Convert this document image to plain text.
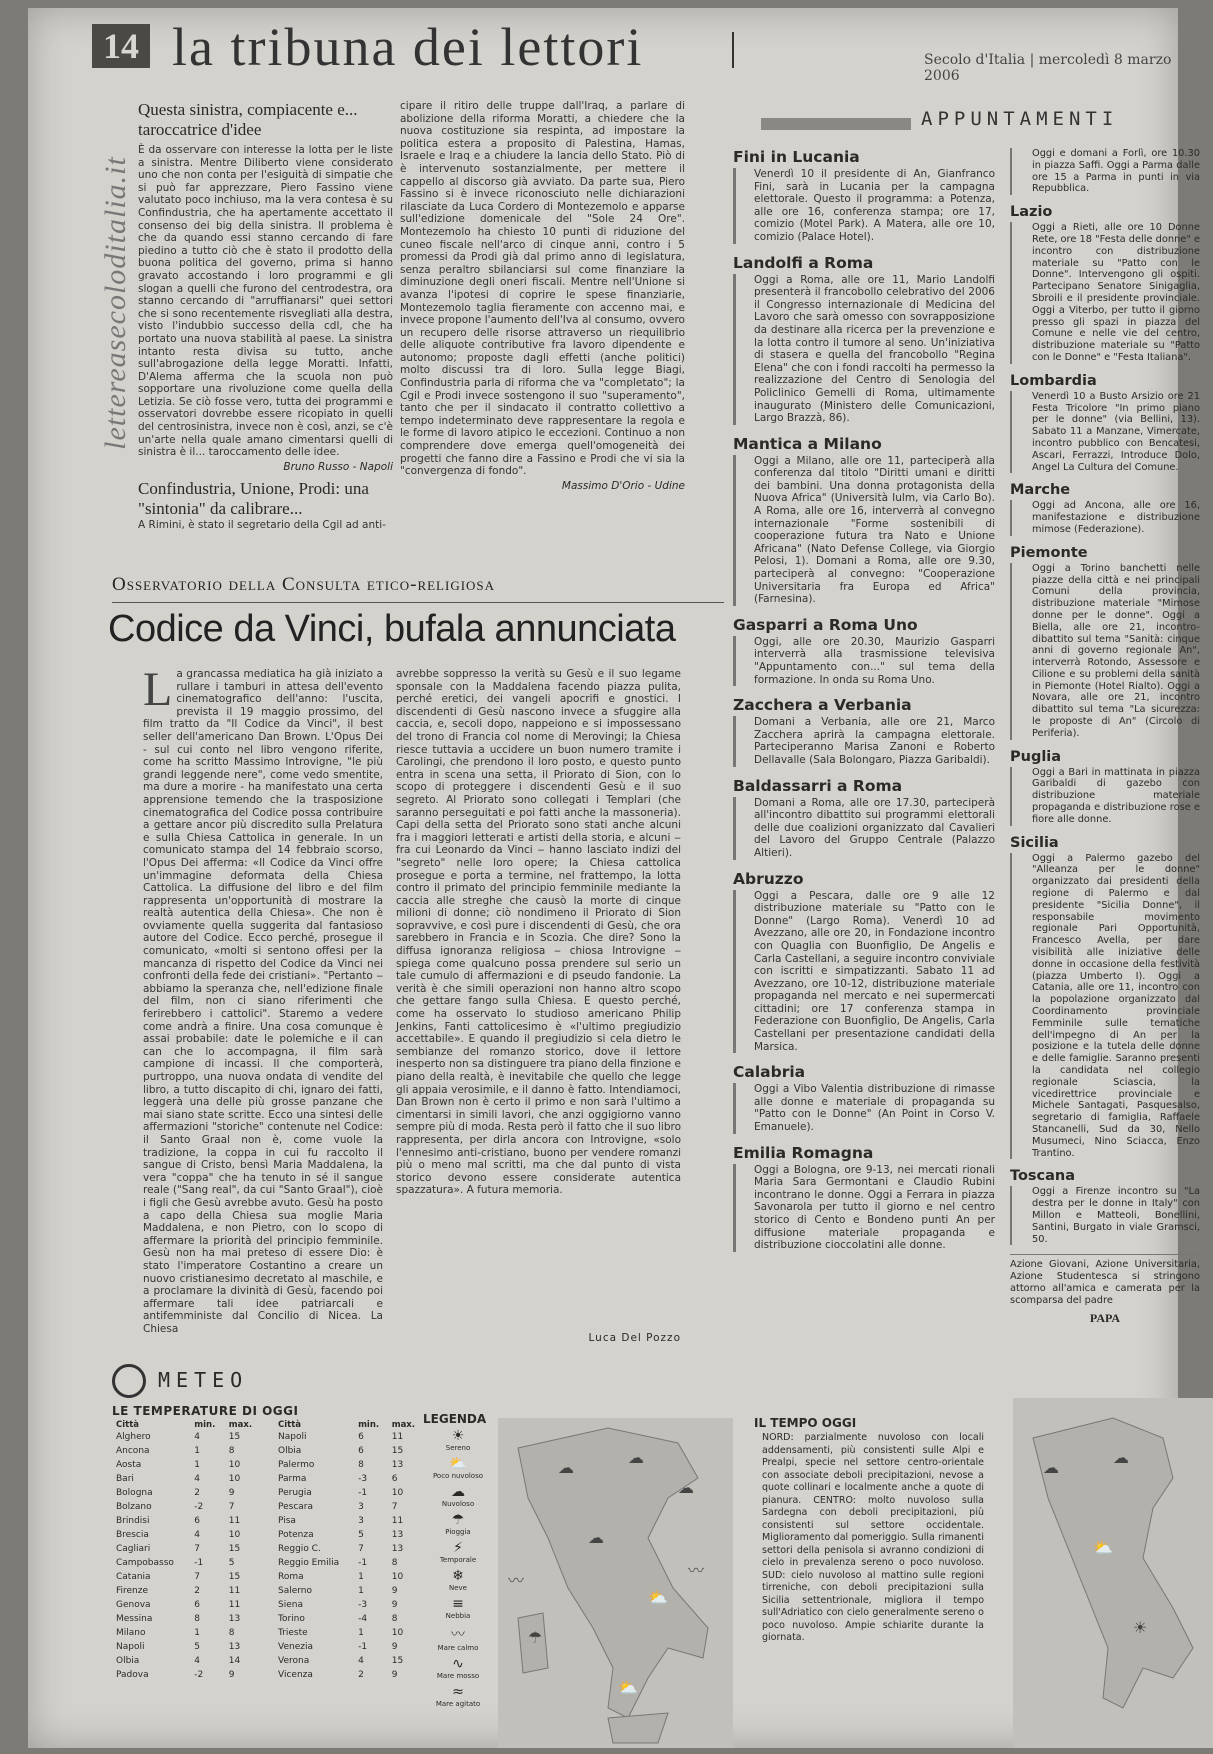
14 la tribuna dei lettori	Secolo d'Italia | mercoledì 8 marzo 2006
lettereasecoloditalia.it
Questa sinistra, compiacente e... taroccatrice d'idee

È da osservare con interesse la lotta per le liste a sinistra. Mentre Diliberto viene considerato uno che non conta per l'esiguità di simpatie che si può far apprezzare, Piero Fassino viene valutato poco inchiuso, ma la vera contesa è su Confindustria, che ha apertamente accettato il consenso dei big della sinistra. Il problema è che da quando essi stanno cercando di fare piedino a tutto ciò che è stato il prodotto della buona politica del governo, prima si hanno gravato accostando i loro programmi e gli slogan a quelli che furono del centrodestra, ora stanno cercando di "arruffianarsi" quei settori che si sono recentemente risvegliati alla destra, visto l'indubbio successo della cdl, che ha portato una nuova stabilità al paese. La sinistra intanto resta divisa su tutto, anche sull'abrogazione della legge Moratti. Infatti, D'Alema afferma che la scuola non può sopportare una rivoluzione come quella della Letizia. Se ciò fosse vero, tutta dei programmi e osservatori dovrebbe essere ricopiato in quelli del centrosinistra, invece non è così, anzi, se c'è un'arte nella quale amano cimentarsi quelli di sinistra è il... taroccamento delle idee.

Bruno Russo - Napoli

Confindustria, Unione, Prodi: una "sintonia" da calibrare...

A Rimini, è stato il segretario della Cgil ad anti-

cipare il ritiro delle truppe dall'Iraq, a parlare di abolizione della riforma Moratti, a chiedere che la nuova costituzione sia respinta, ad impostare la politica estera a proposito di Palestina, Hamas, Israele e Iraq e a chiudere la lancia dello Stato. Piò di è intervenuto sostanzialmente, per mettere il cappello al discorso già avviato. Da parte sua, Piero Fassino si è invece riconosciuto nelle dichiarazioni rilasciate da Luca Cordero di Montezemolo e apparse sull'edizione domenicale del "Sole 24 Ore". Montezemolo ha chiesto 10 punti di riduzione del cuneo fiscale nell'arco di cinque anni, contro i 5 promessi da Prodi già dal primo anno di legislatura, senza peraltro sbilanciarsi sul come finanziare la diminuzione degli oneri fiscali. Mentre nell'Unione si avanza l'ipotesi di coprire le spese finanziarie, Montezemolo taglia fieramente con accenno mai, e invece propone l'aumento dell'Iva al consumo, ovvero un recupero delle risorse attraverso un riequilibrio delle aliquote contributive fra lavoro dipendente e autonomo; proposte dagli effetti (anche politici) molto discussi tra di loro. Sulla legge Biagi, Confindustria parla di riforma che va "completato"; la Cgil e Prodi invece sostengono il suo "superamento", tanto che per il sindacato il contratto collettivo a tempo indeterminato deve rappresentare la regola e le forme di lavoro atipico le eccezioni. Continuo a non comprendere dove emerga quell'omogeneità dei progetti che fanno dire a Fassino e Prodi che vi sia la "convergenza di fondo".

Massimo D'Orio - Udine

Osservatorio della Consulta etico-religiosa
Codice da Vinci, bufala annunciata
L a grancassa mediatica ha già iniziato a rullare i tamburi in attesa dell'evento cinematografico dell'anno: l'uscita, prevista il 19 maggio prossimo, del film tratto da "Il Codice da Vinci", il best seller dell'americano Dan Brown. L'Opus Dei - sul cui conto nel libro vengono riferite, come ha scritto Massimo Introvigne, "le più grandi leggende nere", come vedo smentite, ma dure a morire - ha manifestato una certa apprensione temendo che la trasposizione cinematografica del Codice possa contribuire a gettare ancor più discredito sulla Prelatura e sulla Chiesa Cattolica in generale. In un comunicato stampa del 14 febbraio scorso, l'Opus Dei afferma: «Il Codice da Vinci offre un'immagine deformata della Chiesa Cattolica. La diffusione del libro e del film rappresenta un'opportunità di mostrare la realtà autentica della Chiesa». Che non è ovviamente quella suggerita dal fantasioso autore del Codice. Ecco perché, prosegue il comunicato, «molti si sentono offesi per la mancanza di rispetto del Codice da Vinci nei confronti della fede dei cristiani». "Pertanto ‒ abbiamo la speranza che, nell'edizione finale del film, non ci siano riferimenti che ferirebbero i cattolici". Staremo a vedere come andrà a finire. Una cosa comunque è assai probabile: date le polemiche e il can can che lo accompagna, il film sarà campione di incassi. Il che comporterà, purtroppo, una nuova ondata di vendite del libro, a tutto discapito di chi, ignaro dei fatti, leggerà una delle più grosse panzane che mai siano state scritte. Ecco una sintesi delle affermazioni "storiche" contenute nel Codice: il Santo Graal non è, come vuole la tradizione, la coppa in cui fu raccolto il sangue di Cristo, bensì Maria Maddalena, la vera "coppa" che ha tenuto in sé il sangue reale ("Sang real", da cui "Santo Graal"), cioè i figli che Gesù avrebbe avuto. Gesù ha posto a capo della Chiesa sua moglie Maria Maddalena, e non Pietro, con lo scopo di affermare la priorità del principio femminile. Gesù non ha mai preteso di essere Dio: è stato l'imperatore Costantino a creare un nuovo cristianesimo decretato al maschile, e a proclamare la divinità di Gesù, facendo poi affermare tali idee patriarcali e antifemministe dal Concilio di Nicea. La Chiesa

avrebbe soppresso la verità su Gesù e il suo legame sponsale con la Maddalena facendo piazza pulita, perché eretici, dei vangeli apocrifi e gnostici. I discendenti di Gesù nascono invece a sfuggire alla caccia, e, secoli dopo, nappeiono e si impossessano del trono di Francia col nome di Merovingi; la Chiesa riesce tuttavia a uccidere un buon numero tramite i Carolingi, che prendono il loro posto, e questo punto entra in scena una setta, il Priorato di Sion, con lo scopo di proteggere i discendenti Gesù e il suo segreto. Al Priorato sono collegati i Templari (che saranno perseguitati e poi fatti anche la massoneria). Capi della setta del Priorato sono stati anche alcuni fra i maggiori letterati e artisti della storia, e alcuni ‒ fra cui Leonardo da Vinci ‒ hanno lasciato indizi del "segreto" nelle loro opere; la Chiesa cattolica prosegue e porta a termine, nel frattempo, la lotta contro il primato del principio femminile mediante la caccia alle streghe che causò la morte di cinque milioni di donne; ciò nondimeno il Priorato di Sion sopravvive, e così pure i discendenti di Gesù, che ora sarebbero in Francia e in Scozia. Che dire? Sono la diffusa ignoranza religiosa ‒ chiosa Introvigne ‒ spiega come qualcuno possa prendere sul serio un tale cumulo di affermazioni e di pseudo fandonie. La verità è che simili operazioni non hanno altro scopo che gettare fango sulla Chiesa. E questo perché, come ha osservato lo studioso americano Philip Jenkins, Fanti cattolicesimo è «l'ultimo pregiudizio accettabile». E quando il pregiudizio si cela dietro le sembianze del romanzo storico, dove il lettore inesperto non sa distinguere tra piano della finzione e piano della realtà, è inevitabile che quello che legge gli appaia verosimile, e il danno è fatto. Intendiamoci, Dan Brown non è certo il primo e non sarà l'ultimo a cimentarsi in simili lavori, che anzi oggigiorno vanno sempre più di moda. Resta però il fatto che il suo libro rappresenta, per dirla ancora con Introvigne, «solo l'ennesimo anti-cristiano, buono per vendere romanzi più o meno mal scritti, ma che dal punto di vista storico devono essere considerate autentica spazzatura». A futura memoria.

Luca Del Pozzo
APPUNTAMENTI
Fini in Lucania
Venerdì 10 il presidente di An, Gianfranco Fini, sarà in Lucania per la campagna elettorale. Questo il programma: a Potenza, alle ore 16, conferenza stampa; ore 17, comizio (Motel Park). A Matera, alle ore 10, comizio (Palace Hotel).
Landolfi a Roma
Oggi a Roma, alle ore 11, Mario Landolfi presenterà il francobollo celebrativo del 2006 il Congresso internazionale di Medicina del Lavoro che sarà omesso con sovrapposizione da destinare alla ricerca per la prevenzione e la lotta contro il tumore al seno. Un'iniziativa di stasera e quella del francobollo "Regina Elena" che con i fondi raccolti ha permesso la realizzazione del Centro di Senologia del Policlinico Gemelli di Roma, ultimamente inaugurato (Ministero delle Comunicazioni, Largo Brazzà, 86).
Mantica a Milano
Oggi a Milano, alle ore 11, parteciperà alla conferenza dal titolo "Diritti umani e diritti dei bambini. Una donna protagonista della Nuova Africa" (Università Iulm, via Carlo Bo). A Roma, alle ore 16, interverrà al convegno internazionale "Forme sostenibili di cooperazione futura tra Nato e Unione Africana" (Nato Defense College, via Giorgio Pelosi, 1). Domani a Roma, alle ore 9.30, parteciperà al convegno: "Cooperazione Universitaria fra Europa ed Africa" (Farnesina).
Gasparri a Roma Uno
Oggi, alle ore 20.30, Maurizio Gasparri interverrà alla trasmissione televisiva "Appuntamento con..." sul tema della formazione. In onda su Roma Uno.
Zacchera a Verbania
Domani a Verbania, alle ore 21, Marco Zacchera aprirà la campagna elettorale. Parteciperanno Marisa Zanoni e Roberto Dellavalle (Sala Bolongaro, Piazza Garibaldi).
Baldassarri a Roma
Domani a Roma, alle ore 17.30, parteciperà all'incontro dibattito sui programmi elettorali delle due coalizioni organizzato dal Cavalieri del Lavoro del Gruppo Centrale (Palazzo Altieri).
Abruzzo
Oggi a Pescara, dalle ore 9 alle 12 distribuzione materiale su "Patto con le Donne" (Largo Roma). Venerdì 10 ad Avezzano, alle ore 20, in Fondazione incontro con Quaglia con Buonfiglio, De Angelis e Carla Castellani, a seguire incontro conviviale con iscritti e simpatizzanti. Sabato 11 ad Avezzano, ore 10-12, distribuzione materiale propaganda nel mercato e nei supermercati cittadini; ore 17 conferenza stampa in Federazione con Buonfiglio, De Angelis, Carla Castellani per presentazione candidati della Marsica.
Calabria
Oggi a Vibo Valentia distribuzione di rimasse alle donne e materiale di propaganda su "Patto con le Donne" (An Point in Corso V. Emanuele).
Emilia Romagna
Oggi a Bologna, ore 9-13, nei mercati rionali Maria Sara Germontani e Claudio Rubini incontrano le donne. Oggi a Ferrara in piazza Savonarola per tutto il giorno e nel centro storico di Cento e Bondeno punti An per diffusione materiale propaganda e distribuzione cioccolatini alle donne.
Oggi e domani a Forlì, ore 10.30 in piazza Saffi. Oggi a Parma dalle ore 15 a Parma in punti in via Repubblica.
Lazio
Oggi a Rieti, alle ore 10 Donne Rete, ore 18 "Festa delle donne" e incontro con distribuzione materiale su "Patto con le Donne". Intervengono gli ospiti. Partecipano Senatore Sinigaglia, Sbroili e il presidente provinciale. Oggi a Viterbo, per tutto il giorno presso gli spazi in piazza del Comune e nelle vie del centro, distribuzione materiale su "Patto con le Donne" e "Festa Italiana".
Lombardia
Venerdì 10 a Busto Arsizio ore 21 Festa Tricolore "In primo piano per le donne" (via Bellini, 13). Sabato 11 a Manzane, Vimercate, incontro pubblico con Bencatesi, Ascari, Ferrazzi, Introduce Dolo, Angel La Cultura del Comune.
Marche
Oggi ad Ancona, alle ore 16, manifestazione e distribuzione mimose (Federazione).
Piemonte
Oggi a Torino banchetti nelle piazze della città e nei principali Comuni della provincia, distribuzione materiale "Mimose donne per le donne". Oggi a Biella, alle ore 21, incontro-dibattito sul tema "Sanità: cinque anni di governo regionale An", interverrà Rotondo, Assessore e Cilione e su problemi della sanità in Piemonte (Hotel Rialto). Oggi a Novara, alle ore 21, incontro dibattito sul tema "La sicurezza: le proposte di An" (Circolo di Periferia).
Puglia
Oggi a Bari in mattinata in piazza Garibaldi di gazebo con distribuzione materiale propaganda e distribuzione rose e fiore alle donne.
Sicilia
Oggi a Palermo gazebo del "Alleanza per le donne" organizzato dai presidenti della regione di Palermo e dal presidente "Sicilia Donne", il responsabile movimento regionale Pari Opportunità, Francesco Avella, per dare visibilità alle iniziative delle donne in occasione della festività (piazza Umberto I). Oggi a Catania, alle ore 11, incontro con la popolazione organizzato dal Coordinamento provinciale Femminile sulle tematiche dell'impegno di An per la posizione e la tutela delle donne e delle famiglie. Saranno presenti la candidata nel collegio regionale Sciascia, la vicedirettrice provinciale e Michele Santagati, Pasquesalso, segretario di famiglia, Raffaele Stancanelli, Sud da 30, Nello Musumeci, Nino Sciacca, Enzo Trantino.
Toscana
Oggi a Firenze incontro su "La destra per le donne in Italy" con Millon e Matteoli, Bonellini, Santini, Burgato in viale Gramsci, 50.
Azione Giovani, Azione Universitaria, Azione Studentesca si stringono attorno all'amica e camerata per la scomparsa del padre
PAPA
METEO
LE TEMPERATURE DI OGGI
Città	min.	max.
Alghero	4	15
Ancona	1	8
Aosta	1	10
Bari	4	10
Bologna	2	9
Bolzano	-2	7
Brindisi	6	11
Brescia	4	10
Cagliari	7	15
Campobasso	-1	5
Catania	7	15
Firenze	2	11
Genova	6	11
Messina	8	13
Milano	1	8
Napoli	5	13
Olbia	4	14
Padova	-2	9
Città	min.	max.
Napoli	6	11
Olbia	6	15
Palermo	8	13
Parma	-3	6
Perugia	-1	10
Pescara	3	7
Pisa	3	11
Potenza	5	13
Reggio C.	7	13
Reggio Emilia	-1	8
Roma	1	10
Salerno	1	9
Siena	-3	9
Torino	-4	8
Trieste	1	10
Venezia	-1	9
Verona	4	15
Vicenza	2	9
LEGENDA
☀
Sereno
⛅
Poco nuvoloso
☁
Nuvoloso
☂
Pioggia
⚡
Temporale
❄
Neve
≡
Nebbia
〰
Mare calmo
∿
Mare mosso
≈
Mare agitato
☁
☁
☁
☁
☂
⛅
⛅
〰
〰
IL TEMPO OGGI
NORD: parzialmente nuvoloso con locali addensamenti, più consistenti sulle Alpi e Prealpi, specie nel settore centro-orientale con associate deboli precipitazioni, nevose a quote collinari e localmente anche a quote di pianura. CENTRO: molto nuvoloso sulla Sardegna con deboli precipitazioni, più consistenti sul settore occidentale. Miglioramento dal pomeriggio. Sulla rimanenti settori della penisola si avranno condizioni di cielo in prevalenza sereno o poco nuvoloso. SUD: cielo nuvoloso al mattino sulle regioni tirreniche, con deboli precipitazioni sulla Sicilia settentrionale, migliora il tempo sull'Adriatico con cielo generalmente sereno o poco nuvoloso. Ampie schiarite durante la giornata.
☁
☁
⛅
☀
